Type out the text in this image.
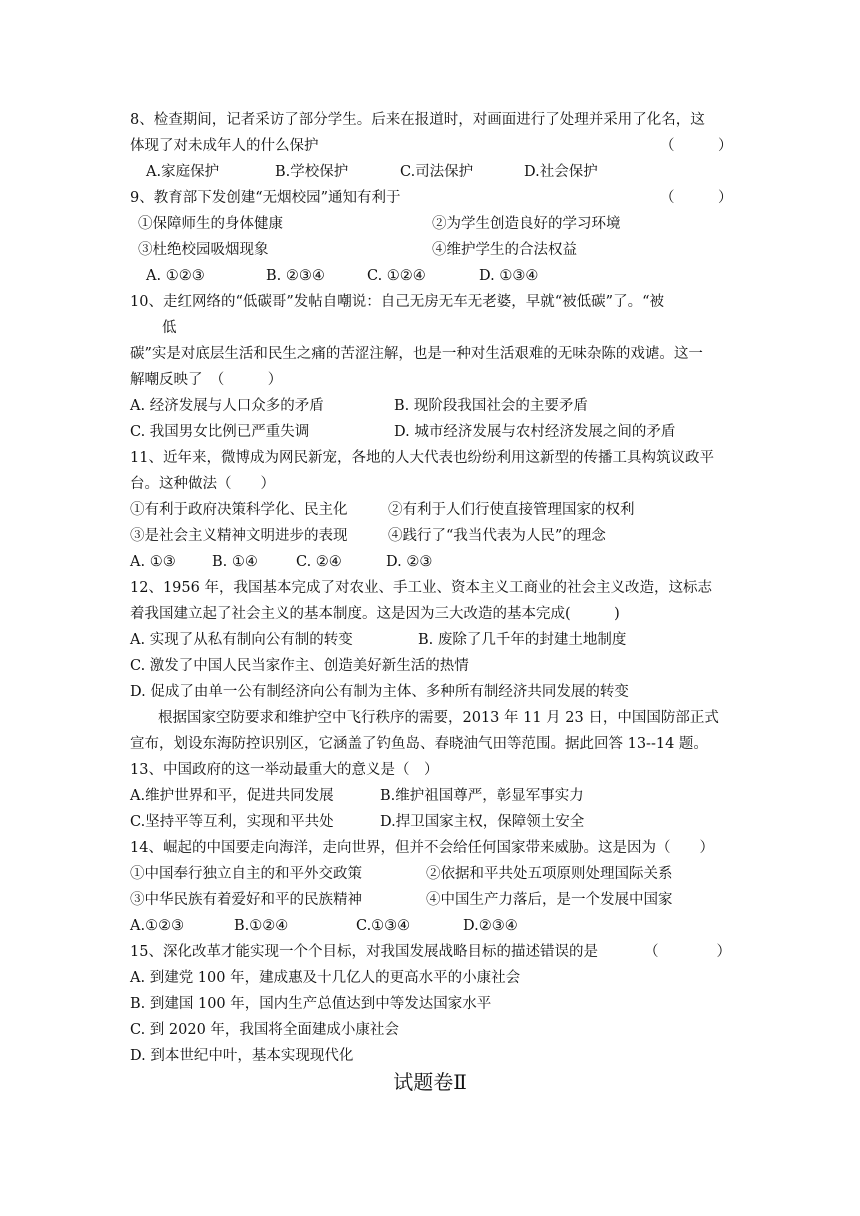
8、检查期间，记者采访了部分学生。后来在报道时，对画面进行了处理并采用了化名，这
体现了对未成年人的什么保护	（　　　）
A.家庭保护	B.学校保护	C.司法保护	D.社会保护
9、教育部下发创建“无烟校园”通知有利于	（　　　）
①保障师生的身体健康	②为学生创造良好的学习环境
③杜绝校园吸烟现象	④维护学生的合法权益
A. ①②③	B. ②③④	C. ①②④	D. ①③④
10、走红网络的“低碳哥”发帖自嘲说：自己无房无车无老婆，早就“被低碳”了。“被
低
碳”实是对底层生活和民生之痛的苦涩注解，也是一种对生活艰难的无味杂陈的戏谑。这一
解嘲反映了　（　　　）
A. 经济发展与人口众多的矛盾	B. 现阶段我国社会的主要矛盾
C. 我国男女比例已严重失调	D. 城市经济发展与农村经济发展之间的矛盾
11、近年来，微博成为网民新宠，各地的人大代表也纷纷利用这新型的传播工具构筑议政平
台。这种做法（　　）
①有利于政府决策科学化、民主化	②有利于人们行使直接管理国家的权利
③是社会主义精神文明进步的表现	④践行了“我当代表为人民”的理念
A. ①③	B. ①④	C. ②④	D. ②③
12、1956 年，我国基本完成了对农业、手工业、资本主义工商业的社会主义改造，这标志
着我国建立起了社会主义的基本制度。这是因为三大改造的基本完成(　　　)
A. 实现了从私有制向公有制的转变	B. 废除了几千年的封建土地制度
C. 激发了中国人民当家作主、创造美好新生活的热情
D. 促成了由单一公有制经济向公有制为主体、多种所有制经济共同发展的转变
根据国家空防要求和维护空中飞行秩序的需要，2013 年 11 月 23 日，中国国防部正式
宣布，划设东海防控识别区，它涵盖了钓鱼岛、春晓油气田等范围。据此回答 13--14 题。
13、中国政府的这一举动最重大的意义是（　）
A.维护世界和平，促进共同发展	B.维护祖国尊严，彰显军事实力
C.坚持平等互利，实现和平共处	D.捍卫国家主权，保障领土安全
14、崛起的中国要走向海洋，走向世界，但并不会给任何国家带来威胁。这是因为（　　）
①中国奉行独立自主的和平外交政策	②依据和平共处五项原则处理国际关系
③中华民族有着爱好和平的民族精神	④中国生产力落后，是一个发展中国家
A.①②③	B.①②④	C.①③④	D.②③④
15、深化改革才能实现一个个目标，对我国发展战略目标的描述错误的是	（　　　　）
A. 到建党 100 年，建成惠及十几亿人的更高水平的小康社会
B. 到建国 100 年，国内生产总值达到中等发达国家水平
C. 到 2020 年，我国将全面建成小康社会
D. 到本世纪中叶，基本实现现代化
试题卷Ⅱ
